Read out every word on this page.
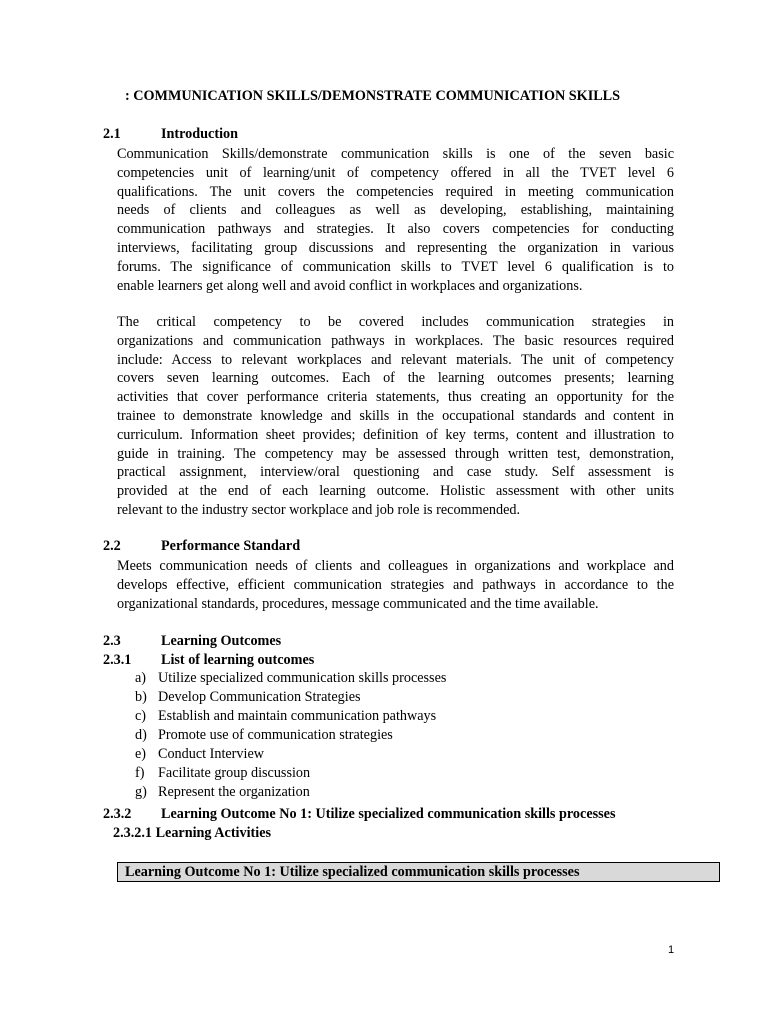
: COMMUNICATION SKILLS/DEMONSTRATE COMMUNICATION SKILLS
2.1	Introduction
Communication Skills/demonstrate communication skills is one of the seven basic
competencies unit of learning/unit of competency offered in all the TVET level 6
qualifications. The unit covers the competencies required in meeting communication
needs of clients and colleagues as well as developing, establishing, maintaining
communication pathways and strategies. It also covers competencies for conducting
interviews, facilitating group discussions and representing the organization in various
forums. The significance of communication skills to TVET level 6 qualification is to
enable learners get along well and avoid conflict in workplaces and organizations.
The critical competency to be covered includes communication strategies in
organizations and communication pathways in workplaces. The basic resources required
include: Access to relevant workplaces and relevant materials. The unit of competency
covers seven learning outcomes. Each of the learning outcomes presents; learning
activities that cover performance criteria statements, thus creating an opportunity for the
trainee to demonstrate knowledge and skills in the occupational standards and content in
curriculum. Information sheet provides; definition of key terms, content and illustration to
guide in training. The competency may be assessed through written test, demonstration,
practical assignment, interview/oral questioning and case study. Self assessment is
provided at the end of each learning outcome. Holistic assessment with other units
relevant to the industry sector workplace and job role is recommended.
2.2	Performance Standard
Meets communication needs of clients and colleagues in organizations and workplace and
develops effective, efficient communication strategies and pathways in accordance to the
organizational standards, procedures, message communicated and the time available.
2.3	Learning Outcomes
2.3.1 List of learning outcomes
a) Utilize specialized communication skills processes
b) Develop Communication Strategies
c) Establish and maintain communication pathways
d) Promote use of communication strategies
e) Conduct Interview
f) Facilitate group discussion
g) Represent the organization
2.3.2 Learning Outcome No 1: Utilize specialized communication skills processes
2.3.2.1 Learning Activities
Learning Outcome No 1: Utilize specialized communication skills processes
1
